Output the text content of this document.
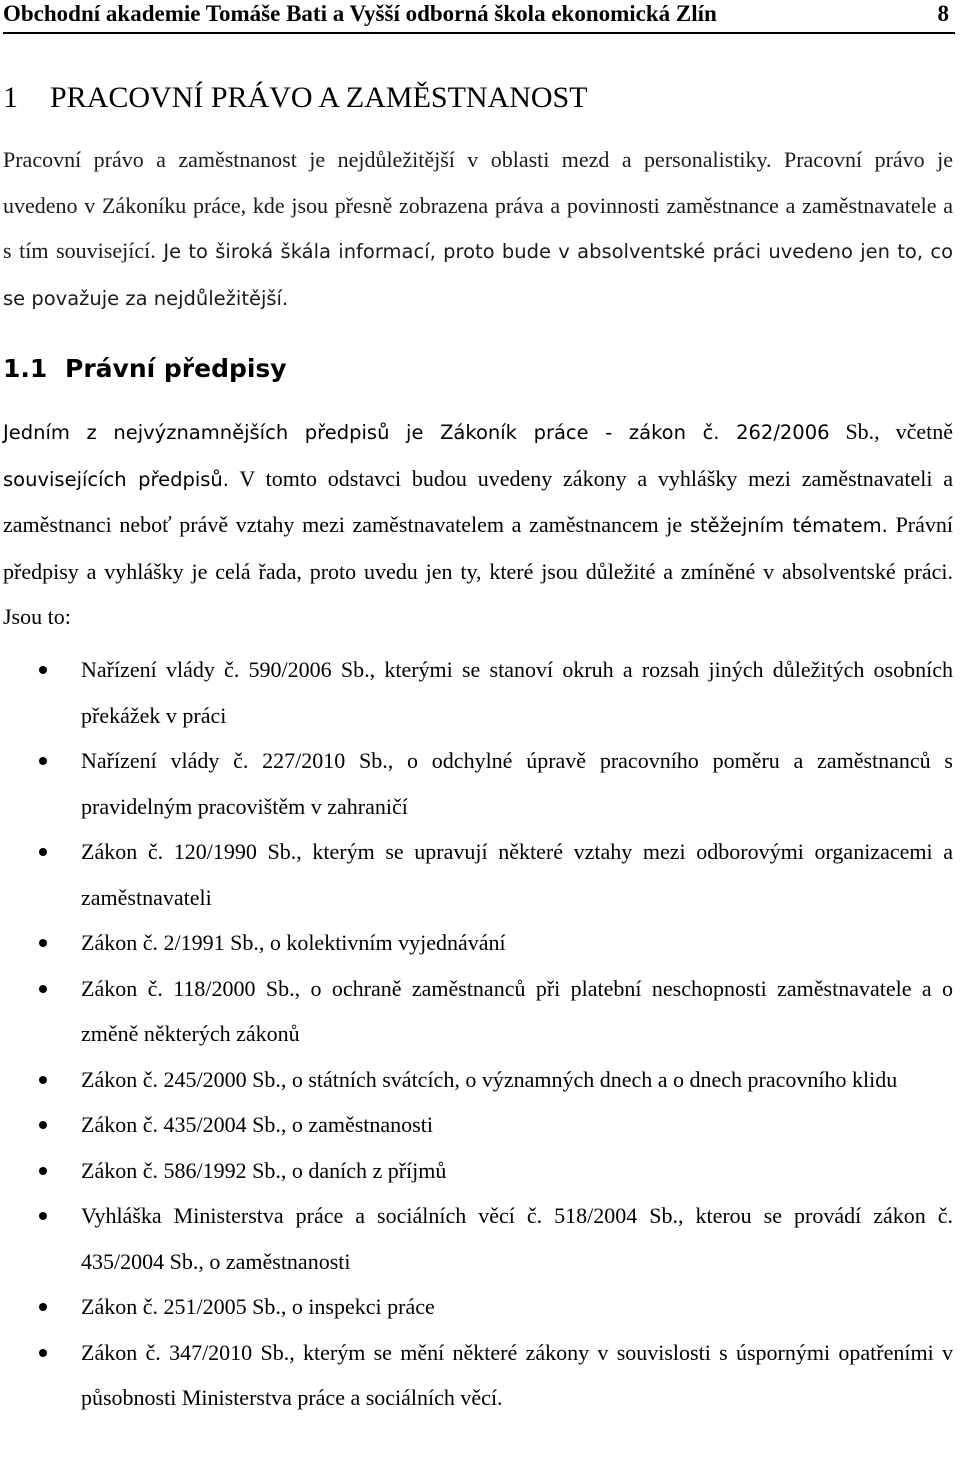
Obchodní akademie Tomáše Bati a Vyšší odborná škola ekonomická Zlín	8
1 PRACOVNÍ PRÁVO A ZAMĚSTNANOST

Pracovní právo a zaměstnanost je nejdůležitější v oblasti mezd a personalistiky. Pracovní právo je uvedeno v Zákoníku práce, kde jsou přesně zobrazena práva a povinnosti zaměstnance a zaměstnavatele a s tím související. Je to široká škála informací, proto bude v absolventské práci uvedeno jen to, co se považuje za nejdůležitější.

1.1 Právní předpisy

Jedním z nejvýznamnějších předpisů je Zákoník práce - zákon č. 262/2006 Sb., včetně souvisejících předpisů. V tomto odstavci budou uvedeny zákony a vyhlášky mezi zaměstnavateli a zaměstnanci neboť právě vztahy mezi zaměstnavatelem a zaměstnancem je stěžejním tématem. Právní předpisy a vyhlášky je celá řada, proto uvedu jen ty, které jsou důležité a zmíněné v absolventské práci. Jsou to:

Nařízení vlády č. 590/2006 Sb., kterými se stanoví okruh a rozsah jiných důležitých osobních překážek v práci
Nařízení vlády č. 227/2010 Sb., o odchylné úpravě pracovního poměru a zaměstnanců s pravidelným pracovištěm v zahraničí
Zákon č. 120/1990 Sb., kterým se upravují některé vztahy mezi odborovými organizacemi a zaměstnavateli
Zákon č. 2/1991 Sb., o kolektivním vyjednávání
Zákon č. 118/2000 Sb., o ochraně zaměstnanců při platební neschopnosti zaměstnavatele a o změně některých zákonů
Zákon č. 245/2000 Sb., o státních svátcích, o významných dnech a o dnech pracovního klidu
Zákon č. 435/2004 Sb., o zaměstnanosti
Zákon č. 586/1992 Sb., o daních z příjmů
Vyhláška Ministerstva práce a sociálních věcí č. 518/2004 Sb., kterou se provádí zákon č. 435/2004 Sb., o zaměstnanosti
Zákon č. 251/2005 Sb., o inspekci práce
Zákon č. 347/2010 Sb., kterým se mění některé zákony v souvislosti s úspornými opatřeními v působnosti Ministerstva práce a sociálních věcí.
